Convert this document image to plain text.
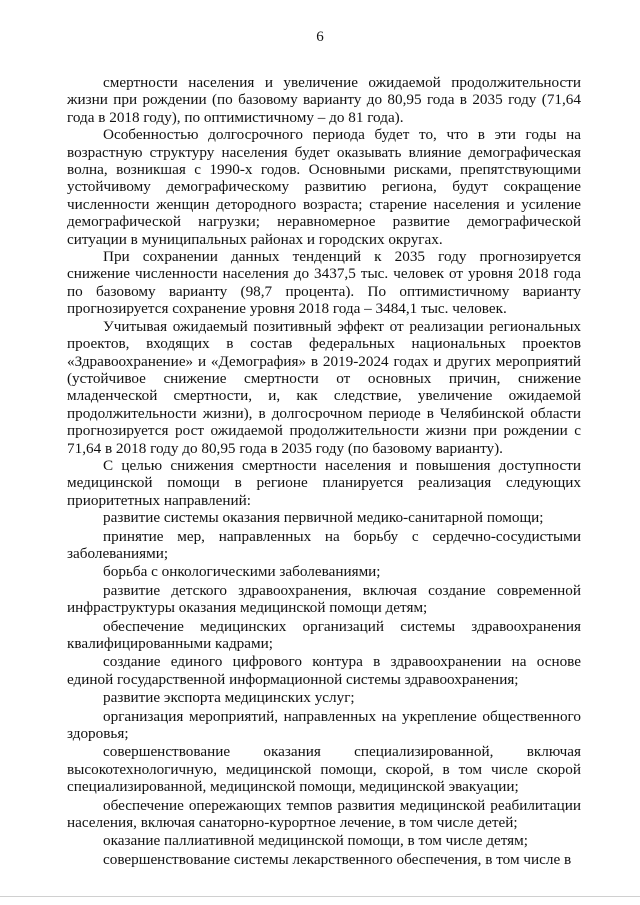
6

смертности населения и увеличение ожидаемой продолжительности жизни при рождении (по базовому варианту до 80,95 года в 2035 году (71,64 года в 2018 году), по оптимистичному – до 81 года).

Особенностью долгосрочного периода будет то, что в эти годы на возрастную структуру населения будет оказывать влияние демографическая волна, возникшая с 1990-х годов. Основными рисками, препятствующими устойчивому демографическому развитию региона, будут сокращение численности женщин детородного возраста; старение населения и усиление демографической нагрузки; неравномерное развитие демографической ситуации в муниципальных районах и городских округах.

При сохранении данных тенденций к 2035 году прогнозируется снижение численности населения до 3437,5 тыс. человек от уровня 2018 года по базовому варианту (98,7 процента). По оптимистичному варианту прогнозируется сохранение уровня 2018 года – 3484,1 тыс. человек.

Учитывая ожидаемый позитивный эффект от реализации региональных проектов, входящих в состав федеральных национальных проектов «Здравоохранение» и «Демография» в 2019-2024 годах и других мероприятий (устойчивое снижение смертности от основных причин, снижение младенческой смертности, и, как следствие, увеличение ожидаемой продолжительности жизни), в долгосрочном периоде в Челябинской области прогнозируется рост ожидаемой продолжительности жизни при рождении с 71,64 в 2018 году до 80,95 года в 2035 году (по базовому варианту).

С целью снижения смертности населения и повышения доступности медицинской помощи в регионе планируется реализация следующих приоритетных направлений:

развитие системы оказания первичной медико-санитарной помощи;

принятие мер, направленных на борьбу с сердечно-сосудистыми заболеваниями;

борьба с онкологическими заболеваниями;

развитие детского здравоохранения, включая создание современной инфраструктуры оказания медицинской помощи детям;

обеспечение медицинских организаций системы здравоохранения квалифицированными кадрами;

создание единого цифрового контура в здравоохранении на основе единой государственной информационной системы здравоохранения;

развитие экспорта медицинских услуг;

организация мероприятий, направленных на укрепление общественного здоровья;

совершенствование оказания специализированной, включая высокотехнологичную, медицинской помощи, скорой, в том числе скорой специализированной, медицинской помощи, медицинской эвакуации;

обеспечение опережающих темпов развития медицинской реабилитации населения, включая санаторно-курортное лечение, в том числе детей;

оказание паллиативной медицинской помощи, в том числе детям;

совершенствование системы лекарственного обеспечения, в том числе в
